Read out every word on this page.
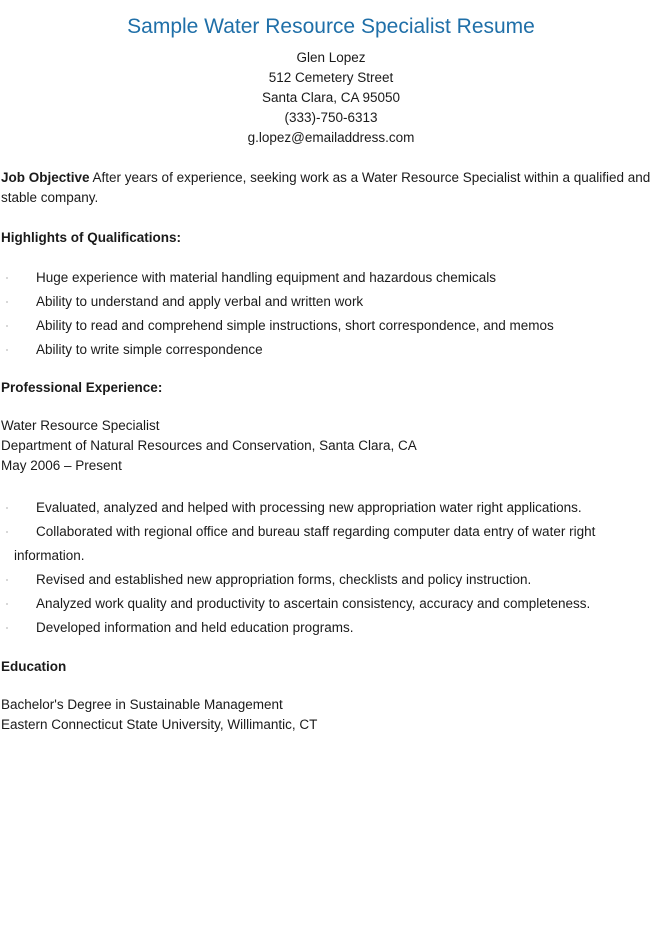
Sample Water Resource Specialist Resume
Glen Lopez
512 Cemetery Street
Santa Clara, CA 95050
(333)-750-6313
g.lopez@emailaddress.com
Job Objective After years of experience, seeking work as a Water Resource Specialist within a qualified and stable company.
Highlights of Qualifications:
Huge experience with material handling equipment and hazardous chemicals
Ability to understand and apply verbal and written work
Ability to read and comprehend simple instructions, short correspondence, and memos
Ability to write simple correspondence
Professional Experience:
Water Resource Specialist
Department of Natural Resources and Conservation, Santa Clara, CA
May 2006 – Present
Evaluated, analyzed and helped with processing new appropriation water right applications.
Collaborated with regional office and bureau staff regarding computer data entry of water right
information.
Revised and established new appropriation forms, checklists and policy instruction.
Analyzed work quality and productivity to ascertain consistency, accuracy and completeness.
Developed information and held education programs.
Education
Bachelor's Degree in Sustainable Management
Eastern Connecticut State University, Willimantic, CT
